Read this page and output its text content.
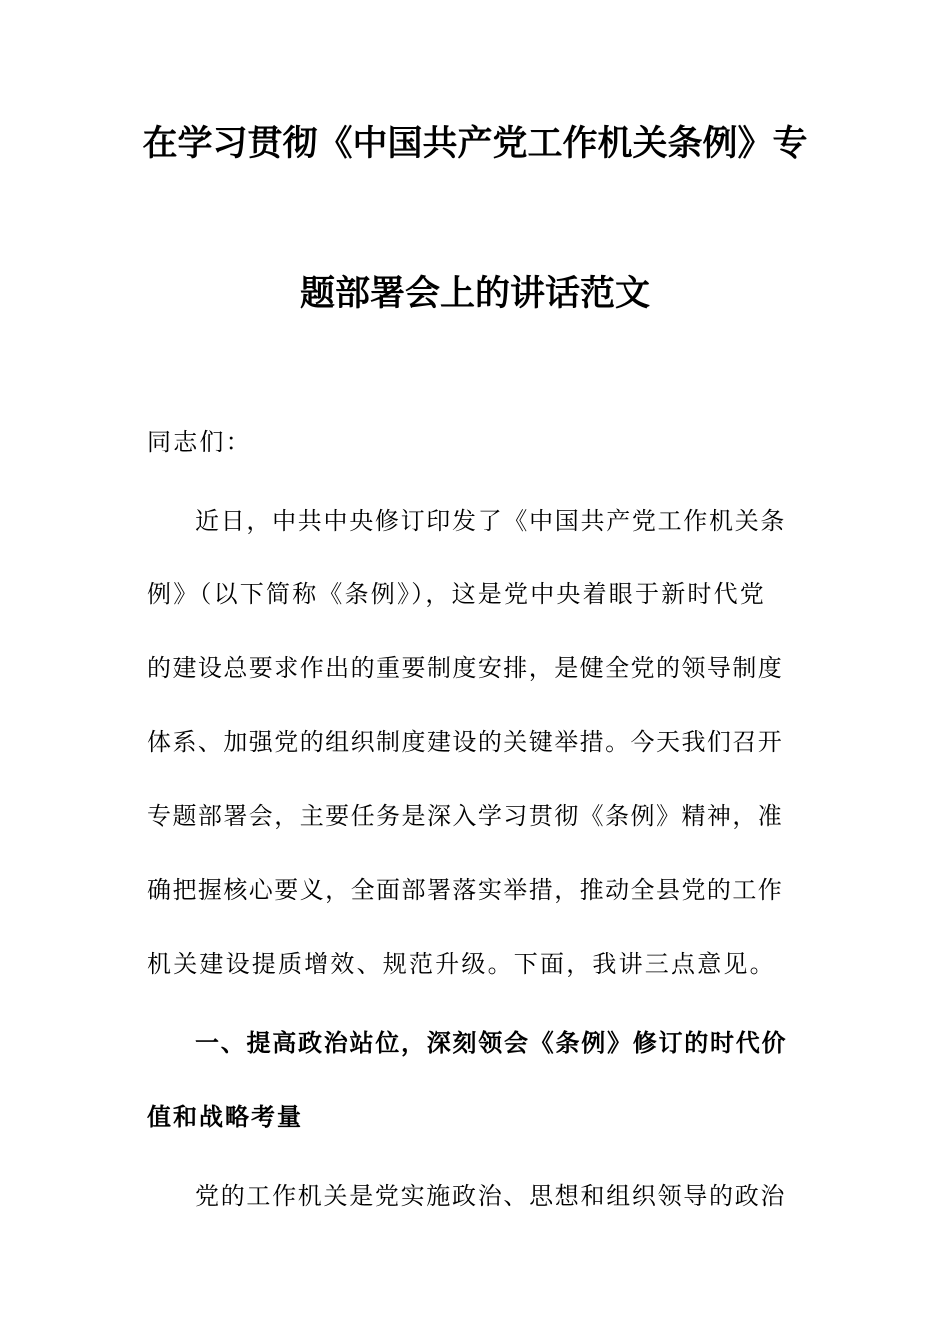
在学习贯彻《中国共产党工作机关条例》专
题部署会上的讲话范文
同志们：
近日，中共中央修订印发了《中国共产党工作机关条
例》（以下简称《条例》），这是党中央着眼于新时代党
的建设总要求作出的重要制度安排，是健全党的领导制度
体系、加强党的组织制度建设的关键举措。今天我们召开
专题部署会，主要任务是深入学习贯彻《条例》精神，准
确把握核心要义，全面部署落实举措，推动全县党的工作
机关建设提质增效、规范升级。下面，我讲三点意见。
一、提高政治站位，深刻领会《条例》修订的时代价
值和战略考量
党的工作机关是党实施政治、思想和组织领导的政治
